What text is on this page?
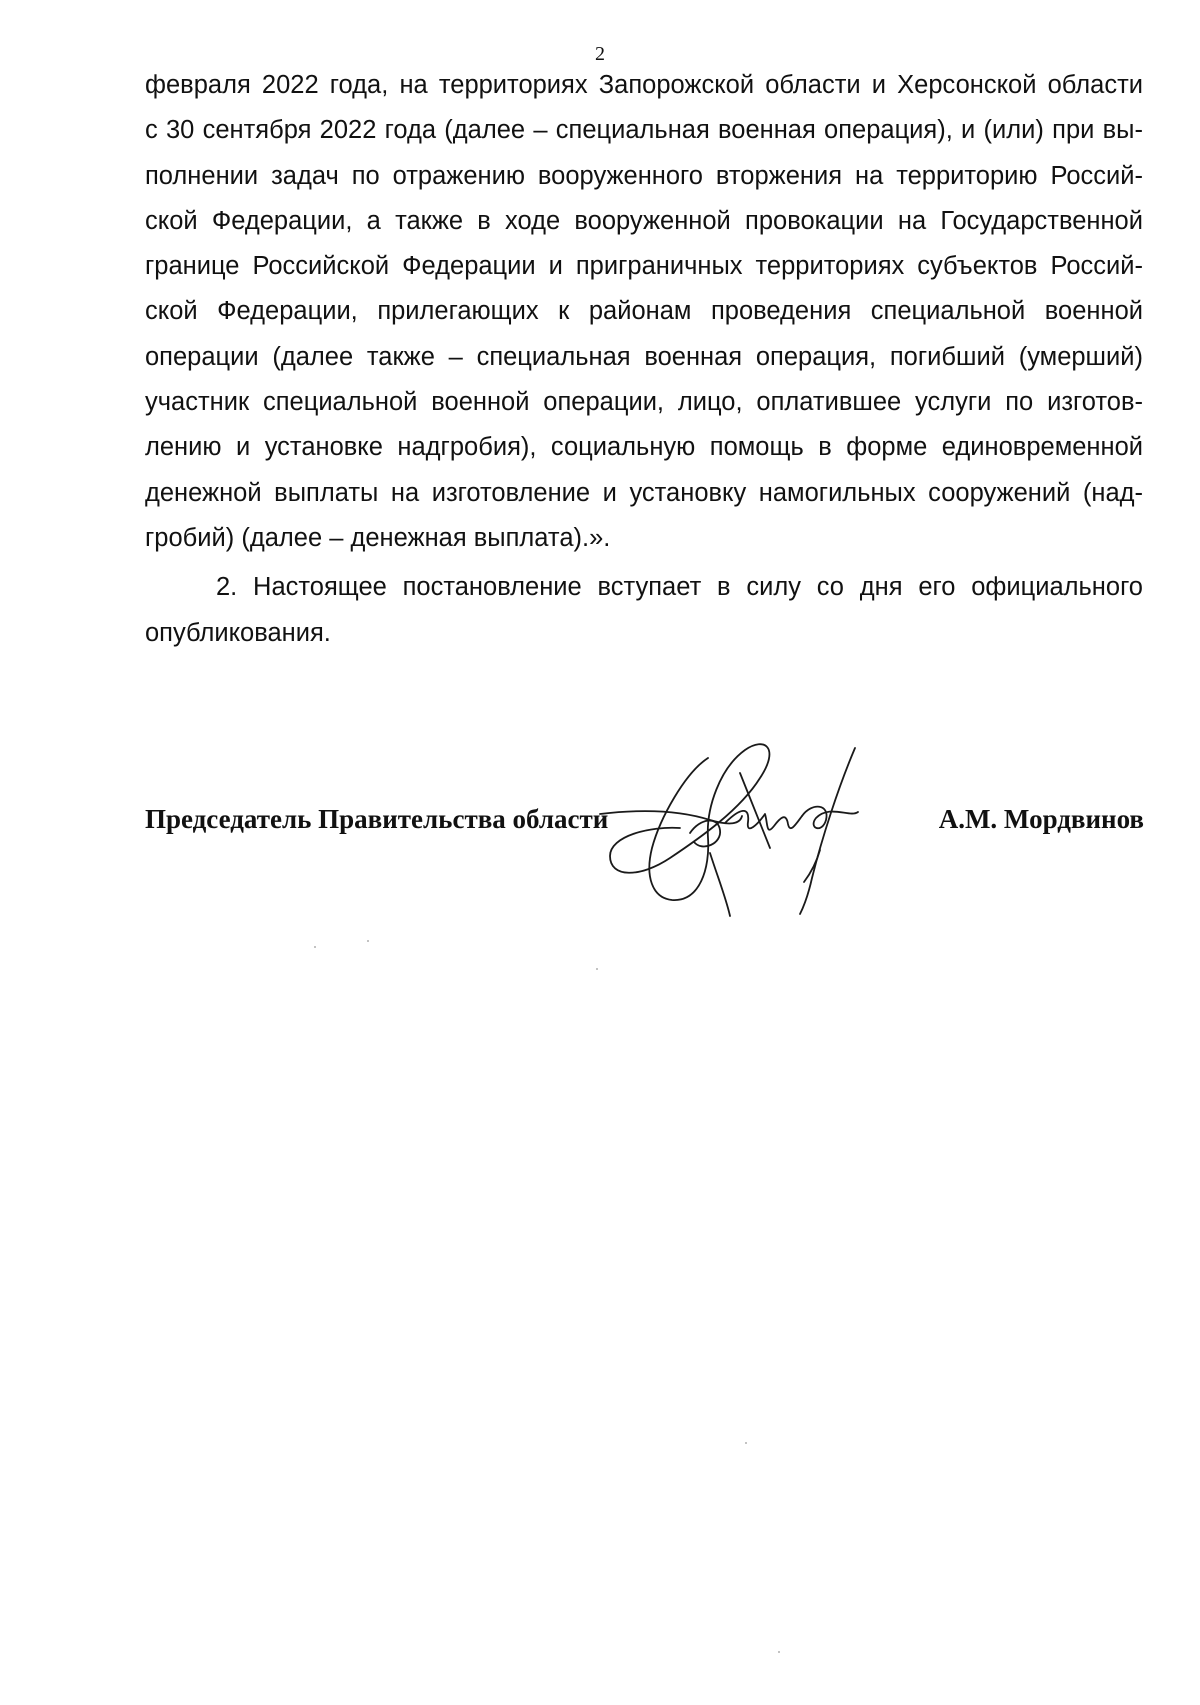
2
февраля 2022 года, на территориях Запорожской области и Херсонской области
с 30 сентября 2022 года (далее – специальная военная операция), и (или) при вы-
полнении задач по отражению вооруженного вторжения на территорию Россий-
ской Федерации, а также в ходе вооруженной провокации на Государственной
границе Российской Федерации и приграничных территориях субъектов Россий-
ской Федерации, прилегающих к районам проведения специальной военной
операции (далее также – специальная военная операция, погибший (умерший)
участник специальной военной операции, лицо, оплатившее услуги по изготов-
лению и установке надгробия), социальную помощь в форме единовременной
денежной выплаты на изготовление и установку намогильных сооружений (над-
гробий) (далее – денежная выплата).».
2. Настоящее постановление вступает в силу со дня его официального
опубликования.
Председатель Правительства области	А.М. Мордвинов
